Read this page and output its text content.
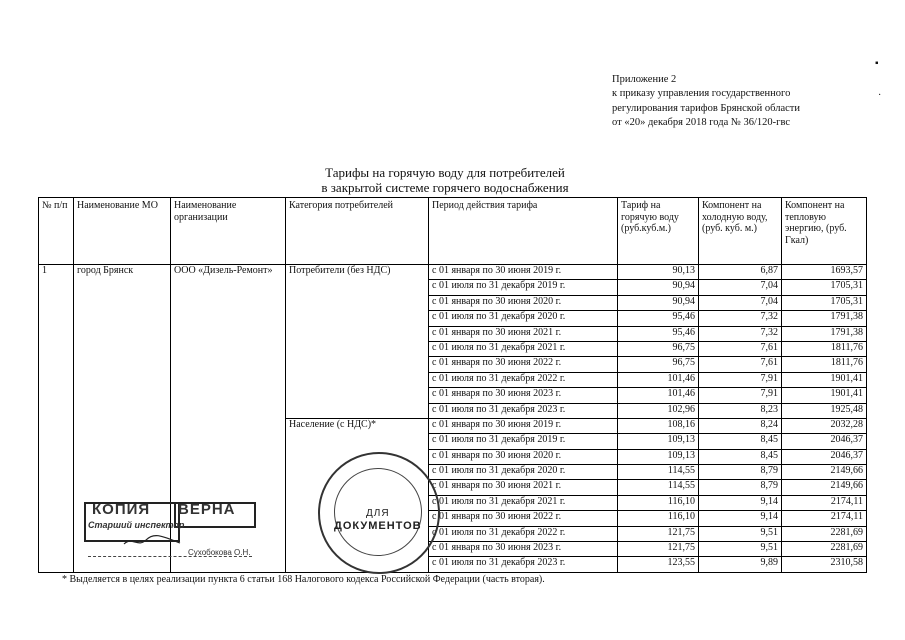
Приложение 2
к приказу управления государственного
регулирования тарифов Брянской области
от «20» декабря 2018 года № 36/120-гвс
▪
·
Тарифы на горячую воду для потребителей
в закрытой системе горячего водоснабжения
№ п/п	Наименование МО	Наименование организации	Категория потребителей	Период действия тарифа	Тариф на горячую воду (руб.куб.м.)	Компонент на холодную воду, (руб. куб. м.)	Компонент на тепловую энергию, (руб. Гкал)
1	город Брянск	ООО «Дизель-Ремонт»	Потребители (без НДС)	с 01 января по 30 июня 2019 г.	90,13	6,87	1693,57
				с 01 июля по 31 декабря 2019 г.	90,94	7,04	1705,31
				с 01 января по 30 июня 2020 г.	90,94	7,04	1705,31
				с 01 июля по 31 декабря 2020 г.	95,46	7,32	1791,38
				с 01 января по 30 июня 2021 г.	95,46	7,32	1791,38
				с 01 июля по 31 декабря 2021 г.	96,75	7,61	1811,76
				с 01 января по 30 июня 2022 г.	96,75	7,61	1811,76
				с 01 июля по 31 декабря 2022 г.	101,46	7,91	1901,41
				с 01 января по 30 июня 2023 г.	101,46	7,91	1901,41
				с 01 июля по 31 декабря 2023 г.	102,96	8,23	1925,48
			Население (с НДС)*	с 01 января по 30 июня 2019 г.	108,16	8,24	2032,28
				с 01 июля по 31 декабря 2019 г.	109,13	8,45	2046,37
				с 01 января по 30 июня 2020 г.	109,13	8,45	2046,37
				с 01 июля по 31 декабря 2020 г.	114,55	8,79	2149,66
				с 01 января по 30 июня 2021 г.	114,55	8,79	2149,66
				с 01 июля по 31 декабря 2021 г.	116,10	9,14	2174,11
				с 01 января по 30 июня 2022 г.	116,10	9,14	2174,11
				с 01 июля по 31 декабря 2022 г.	121,75	9,51	2281,69
				с 01 января по 30 июня 2023 г.	121,75	9,51	2281,69
				с 01 июля по 31 декабря 2023 г.	123,55	9,89	2310,58
* Выделяется в целях реализации пункта 6 статьи 168 Налогового кодекса Российской Федерации (часть вторая).
КОПИЯ ВЕРНА
Старший инспектор
Сухобокова О.Н.
ДЛЯ
ДОКУМЕНТОВ
